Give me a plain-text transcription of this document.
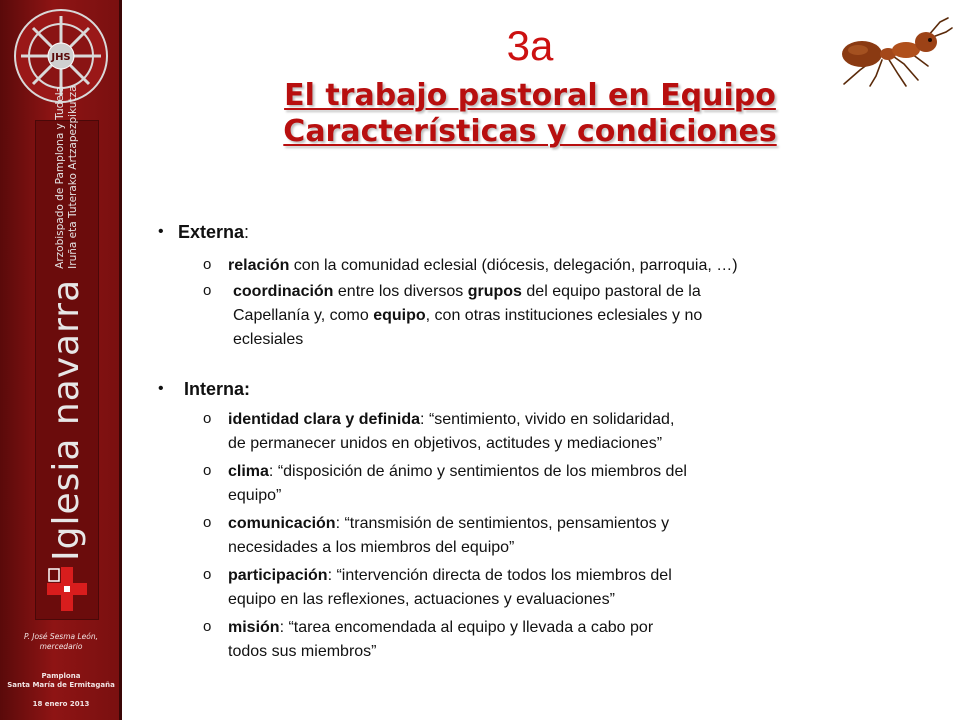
JHS
Iglesia navarra
Arzobispado de Pamplona y Tudela Iruña eta Tuterako Artzapezpikutza
P. José Sesma León,
mercedario
Pamplona
Santa María de Ermitagaña
18 enero 2013
3a
El trabajo pastoral en Equipo
Características y condiciones
• Externa:
o relación con la comunidad eclesial (diócesis, delegación, parroquia, …)
o coordinación entre los diversos grupos del equipo pastoral de la
Capellanía y, como equipo, con otras instituciones eclesiales y no
eclesiales
• Interna:
o identidad clara y definida: “sentimiento, vivido en solidaridad,
de permanecer unidos en objetivos, actitudes y mediaciones”
o clima: “disposición de ánimo y sentimientos de los miembros del
equipo”
o comunicación: “transmisión de sentimientos, pensamientos y
necesidades a los miembros del equipo”
o participación: “intervención directa de todos los miembros del
equipo en las reflexiones, actuaciones y evaluaciones”
o misión: “tarea encomendada al equipo y llevada a cabo por
todos sus miembros”
